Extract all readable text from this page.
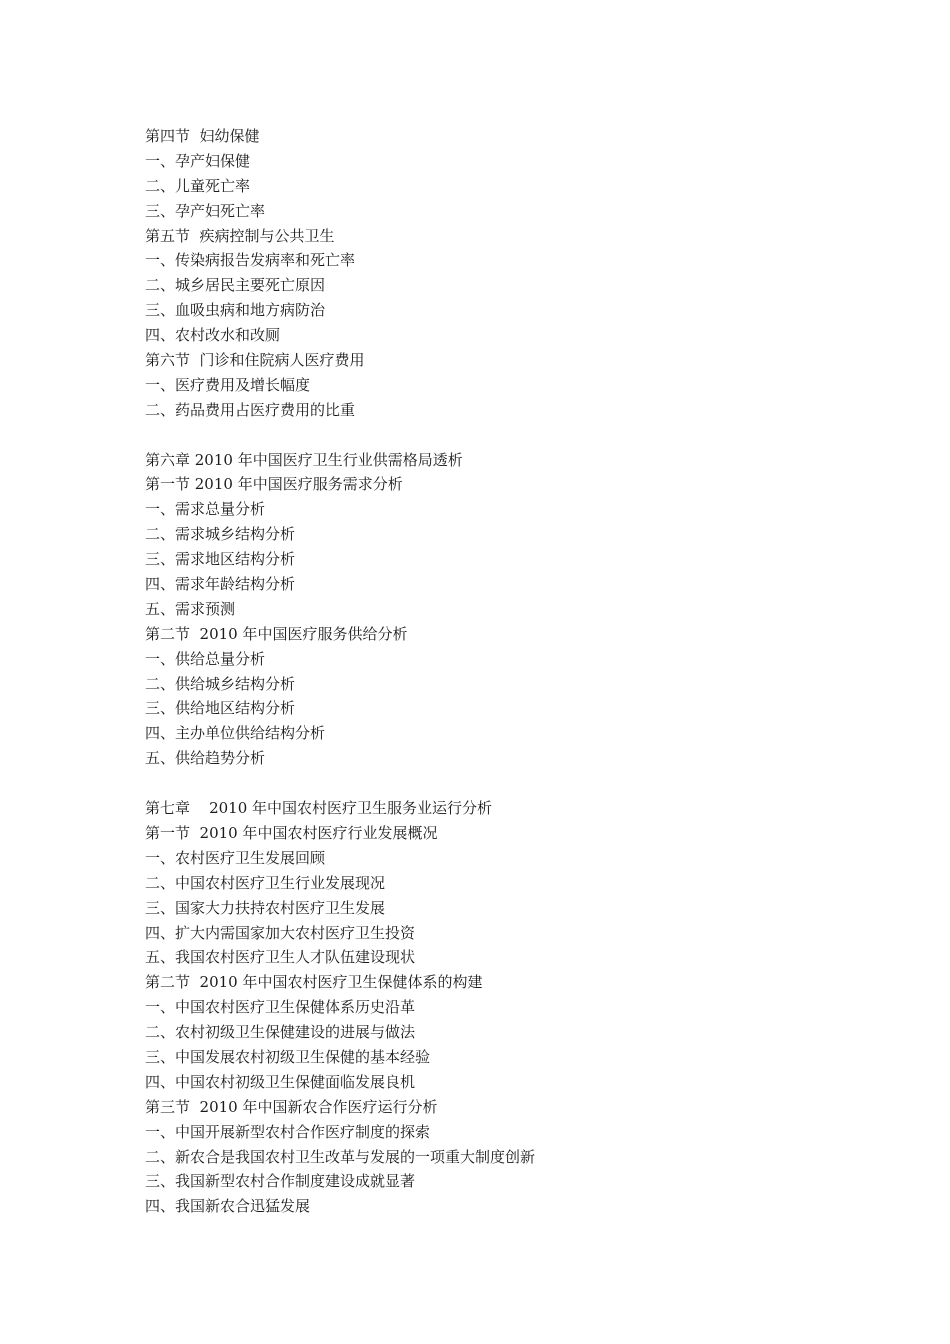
第四节  妇幼保健
一、孕产妇保健
二、儿童死亡率
三、孕产妇死亡率
第五节  疾病控制与公共卫生
一、传染病报告发病率和死亡率
二、城乡居民主要死亡原因
三、血吸虫病和地方病防治
四、农村改水和改厕
第六节  门诊和住院病人医疗费用
一、医疗费用及增长幅度
二、药品费用占医疗费用的比重
第六章 2010 年中国医疗卫生行业供需格局透析
第一节 2010 年中国医疗服务需求分析
一、需求总量分析
二、需求城乡结构分析
三、需求地区结构分析
四、需求年龄结构分析
五、需求预测
第二节  2010 年中国医疗服务供给分析
一、供给总量分析
二、供给城乡结构分析
三、供给地区结构分析
四、主办单位供给结构分析
五、供给趋势分析
第七章    2010 年中国农村医疗卫生服务业运行分析
第一节  2010 年中国农村医疗行业发展概况
一、农村医疗卫生发展回顾
二、中国农村医疗卫生行业发展现况
三、国家大力扶持农村医疗卫生发展
四、扩大内需国家加大农村医疗卫生投资
五、我国农村医疗卫生人才队伍建设现状
第二节  2010 年中国农村医疗卫生保健体系的构建
一、中国农村医疗卫生保健体系历史沿革
二、农村初级卫生保健建设的进展与做法
三、中国发展农村初级卫生保健的基本经验
四、中国农村初级卫生保健面临发展良机
第三节  2010 年中国新农合作医疗运行分析
一、中国开展新型农村合作医疗制度的探索
二、新农合是我国农村卫生改革与发展的一项重大制度创新
三、我国新型农村合作制度建设成就显著
四、我国新农合迅猛发展
